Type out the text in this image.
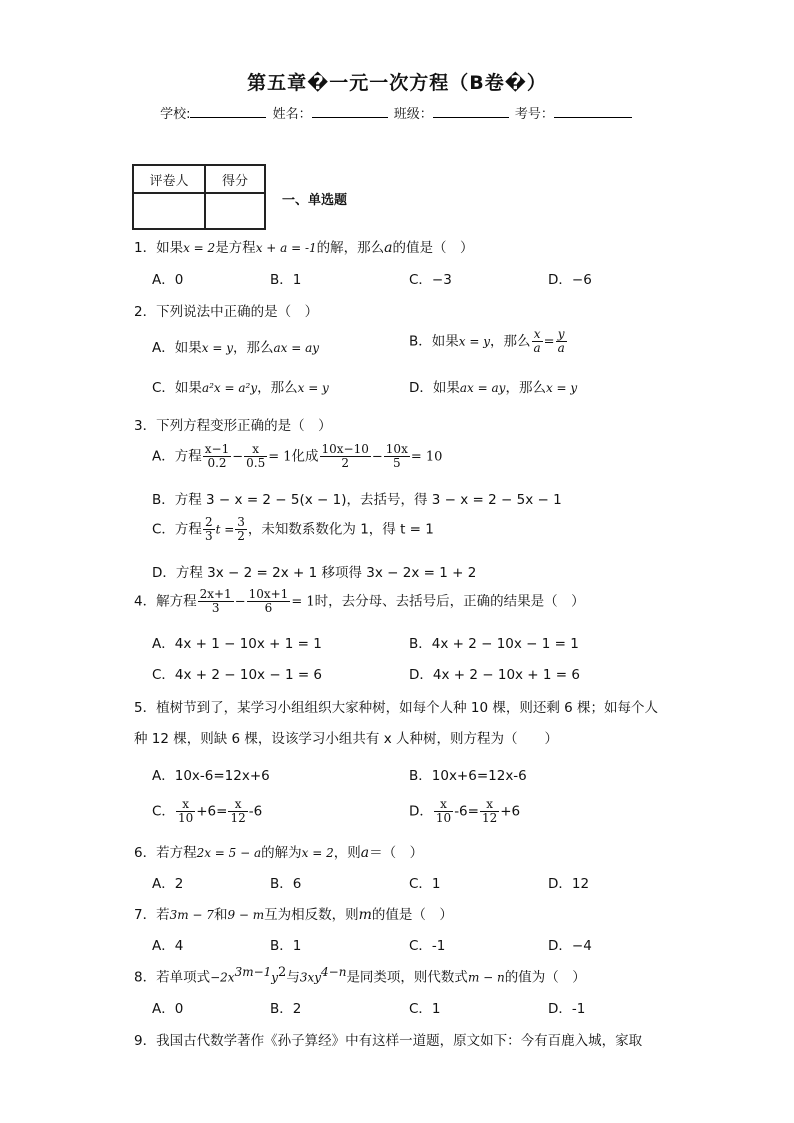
第五章�一元一次方程（B卷�）
学校:	姓名：	班级：	考号：
评卷人	得分

一、单选题
1．如果x = 2是方程x + a = -1的解，那么a的值是（　）
A．0	B．1	C．−3	D．−6
2．下列说法中正确的是（　）
A．如果x = y，那么ax = ay	B．如果x = y，那么 $\frac{x}{a} = \frac{y}{a}$
C．如果a²x = a²y，那么x = y	D．如果ax = ay，那么x = y
3．下列方程变形正确的是（　）
A．方程 $\frac{x-1}{0.2} - \frac{x}{0.5} = 1$化成 $\frac{10x-10}{2} - \frac{10x}{5} = 10$
B．方程 3 − x = 2 − 5(x − 1)，去括号，得 3 − x = 2 − 5x − 1
C．方程 $\frac{2}{3}$ $t = \frac{3}{2}$ ，未知数系数化为 1，得 t = 1
D．方程 3x − 2 = 2x + 1 移项得 3x − 2x = 1 + 2
4．解方程 $\frac{2x+1}{3} - \frac{10x+1}{6} = 1$时，去分母、去括号后，正确的结果是（　）
A．4x + 1 − 10x + 1 = 1	B．4x + 2 − 10x − 1 = 1
C．4x + 2 − 10x − 1 = 6	D．4x + 2 − 10x + 1 = 6
5．植树节到了，某学习小组组织大家种树，如每个人种 10 棵，则还剩 6 棵；如每个人
种 12 棵，则缺 6 棵，设该学习小组共有 x 人种树，则方程为（　　）
A．10x-6=12x+6	B．10x+6=12x-6
C． $\frac{x}{10} +6= \frac{x}{12} -6$	D． $\frac{x}{10} -6= \frac{x}{12} +6$
6．若方程2x = 5 − a的解为x = 2，则a＝（　）
A．2	B．6	C．1	D．12
7．若3m − 7和9 − m互为相反数，则m的值是（　）
A．4	B．1	C．-1	D．−4
8．若单项式$-2x^{3m-1}y^2$与$3xy^{4-n}$是同类项，则代数式m − n的值为（　）
A．0	B．2	C．1	D．-1
9．我国古代数学著作《孙子算经》中有这样一道题，原文如下：今有百鹿入城，家取
